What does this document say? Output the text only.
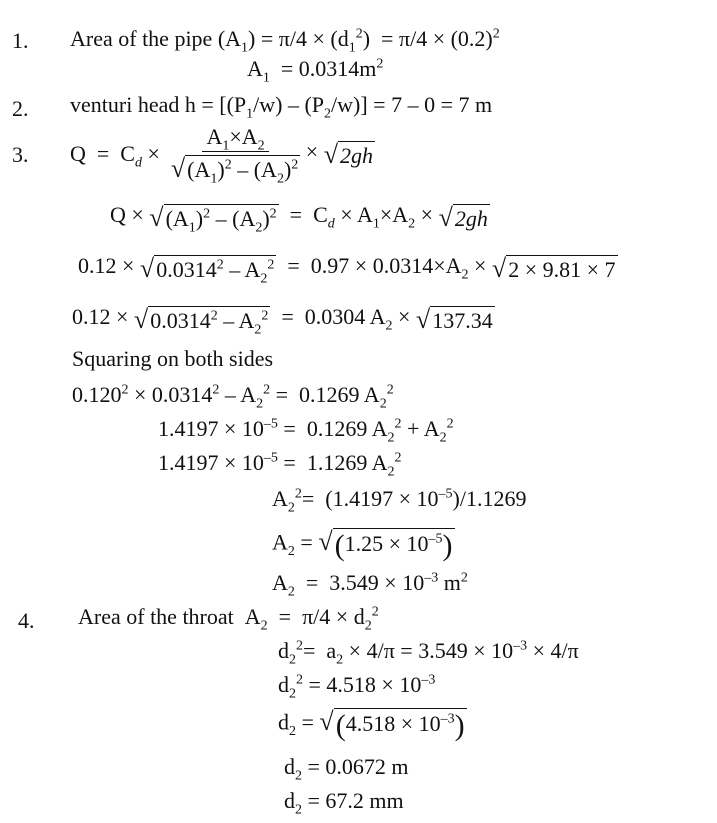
1. Area of the pipe $(A_1) = \pi/4 \times (d_1^2) = \pi/4 \times (0.2)^2$
$A_1 = 0.0314m^2$
2. venturi head $h = [(P_1/w) - (P_2/w)] = 7 - 0 = 7$ m
3. $Q = C_d \times \frac{A_1\times A_2}{√ (A_1)^2 - (A_2)^2}$ × √ 2gh
Q × √ $(A_1)^2 - (A_2)^2 = C_d \times A_1\times A_2$ × √ 2gh
0.12 × √ $0.0314^2 - A_2^2 = 0.97 \times 0.0314\times A_2$ × √ 2 × 9.81 × 7
0.12 × √ $0.0314^2 - A_2^2 = 0.0304$ $A_2$ × √ 137.34
Squaring on both sides
$0.120^2 \times 0.0314^2 - A_2^2 = 0.1269$ $A_2^2$
$1.4197 \times 10^{-5} = 0.1269$ $A_2^2 + A_2^2$
$1.4197 \times 10^{-5} = 1.1269$ $A_2^2$
$A_2^2= (1.4197 \times 10^{-5})/1.1269$
$A_2$ = √ $(1.25 \times 10^{-5})$
$A_2 = 3.549 \times 10^{-3}$ $m^2$
4. Area of the throat  $A_2 = \pi/4 \times d_2^2$
$d_2^2= a_2 \times 4/\pi = 3.549 \times 10^{-3} \times 4/\pi$
$d_2^2 = 4.518 \times 10^{-3}$
$d_2$ = √ $(4.518 \times 10^{-3})$
$d_2 = 0.0672$ m
$d_2 = 67.2$ mm
